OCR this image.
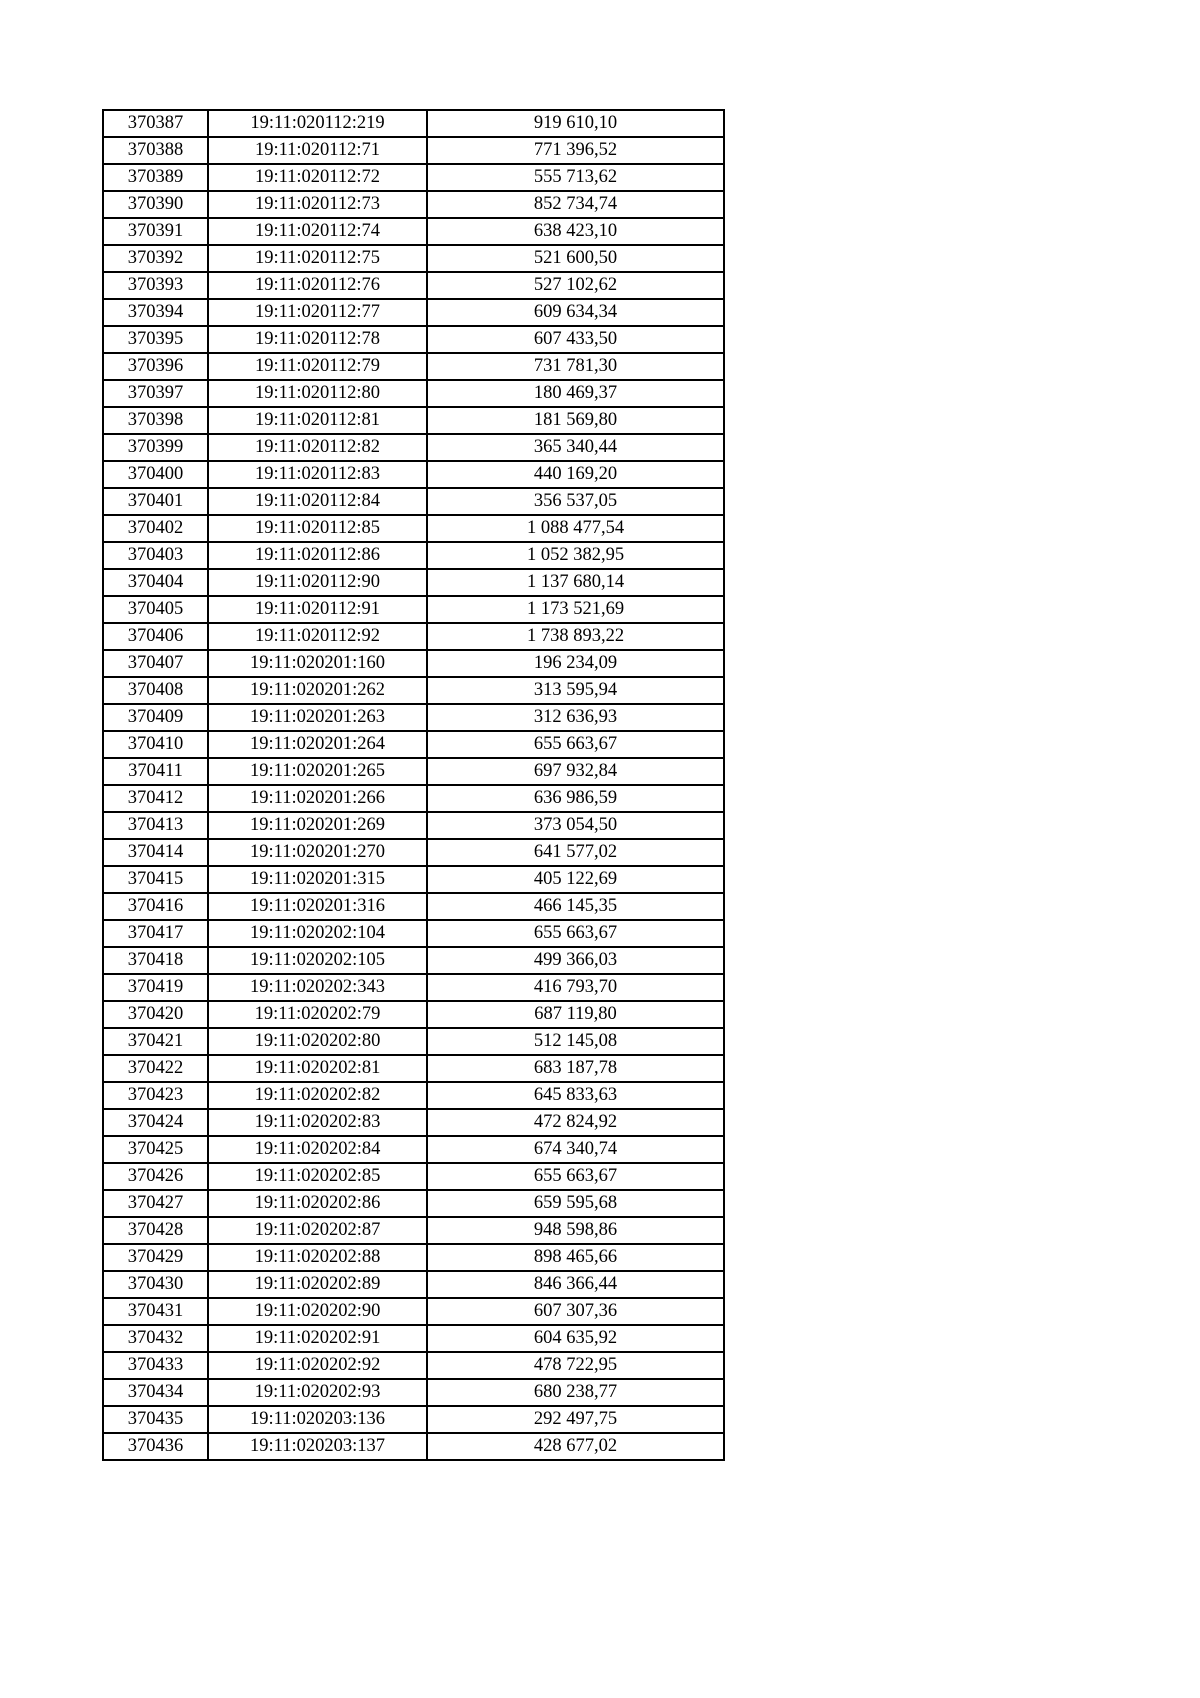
370387	19:11:020112:219	919 610,10
370388	19:11:020112:71	771 396,52
370389	19:11:020112:72	555 713,62
370390	19:11:020112:73	852 734,74
370391	19:11:020112:74	638 423,10
370392	19:11:020112:75	521 600,50
370393	19:11:020112:76	527 102,62
370394	19:11:020112:77	609 634,34
370395	19:11:020112:78	607 433,50
370396	19:11:020112:79	731 781,30
370397	19:11:020112:80	180 469,37
370398	19:11:020112:81	181 569,80
370399	19:11:020112:82	365 340,44
370400	19:11:020112:83	440 169,20
370401	19:11:020112:84	356 537,05
370402	19:11:020112:85	1 088 477,54
370403	19:11:020112:86	1 052 382,95
370404	19:11:020112:90	1 137 680,14
370405	19:11:020112:91	1 173 521,69
370406	19:11:020112:92	1 738 893,22
370407	19:11:020201:160	196 234,09
370408	19:11:020201:262	313 595,94
370409	19:11:020201:263	312 636,93
370410	19:11:020201:264	655 663,67
370411	19:11:020201:265	697 932,84
370412	19:11:020201:266	636 986,59
370413	19:11:020201:269	373 054,50
370414	19:11:020201:270	641 577,02
370415	19:11:020201:315	405 122,69
370416	19:11:020201:316	466 145,35
370417	19:11:020202:104	655 663,67
370418	19:11:020202:105	499 366,03
370419	19:11:020202:343	416 793,70
370420	19:11:020202:79	687 119,80
370421	19:11:020202:80	512 145,08
370422	19:11:020202:81	683 187,78
370423	19:11:020202:82	645 833,63
370424	19:11:020202:83	472 824,92
370425	19:11:020202:84	674 340,74
370426	19:11:020202:85	655 663,67
370427	19:11:020202:86	659 595,68
370428	19:11:020202:87	948 598,86
370429	19:11:020202:88	898 465,66
370430	19:11:020202:89	846 366,44
370431	19:11:020202:90	607 307,36
370432	19:11:020202:91	604 635,92
370433	19:11:020202:92	478 722,95
370434	19:11:020202:93	680 238,77
370435	19:11:020203:136	292 497,75
370436	19:11:020203:137	428 677,02
